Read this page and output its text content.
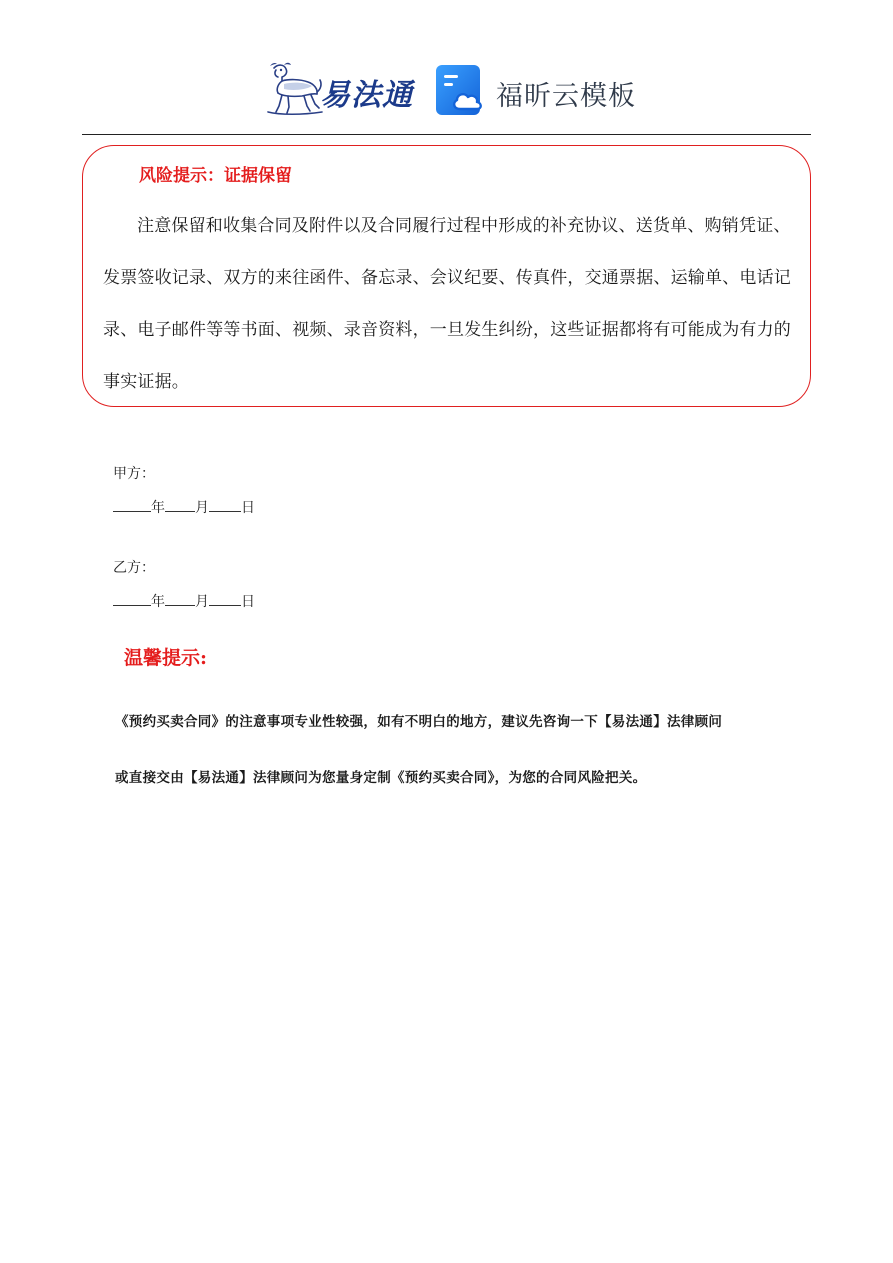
易法通	福昕云模板
风险提示：证据保留
注意保留和收集合同及附件以及合同履行过程中形成的补充协议、送货单、购销凭证、发票签收记录、双方的来往函件、备忘录、会议纪要、传真件，交通票据、运输单、电话记录、电子邮件等等书面、视频、录音资料，一旦发生纠纷，这些证据都将有可能成为有力的事实证据。
甲方：
年 月 日
乙方：
年 月 日
温馨提示:
《预约买卖合同》的注意事项专业性较强，如有不明白的地方，建议先咨询一下【易法通】法律顾问
或直接交由【易法通】法律顾问为您量身定制《预约买卖合同》，为您的合同风险把关。
